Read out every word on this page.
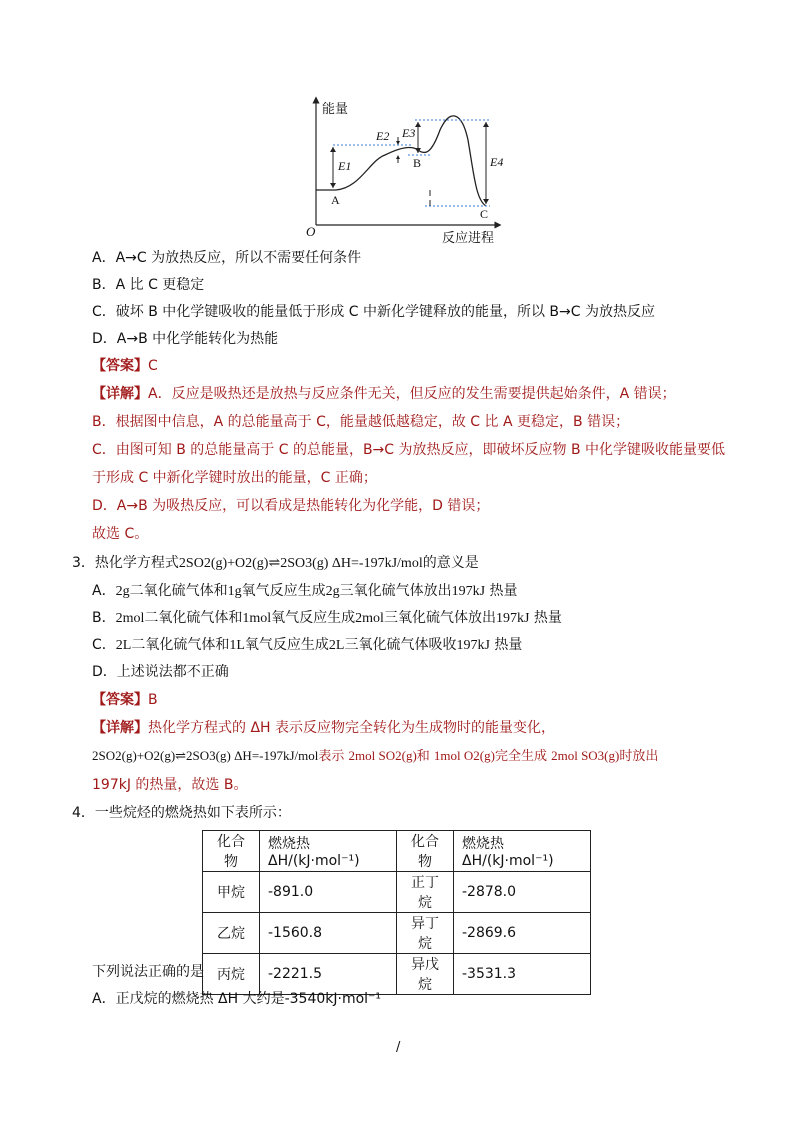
能量
反应进程
O
A
B
C
E1
E2 E3
E4
A．A→C 为放热反应，所以不需要任何条件
B．A 比 C 更稳定
C．破坏 B 中化学键吸收的能量低于形成 C 中新化学键释放的能量，所以 B→C 为放热反应
D．A→B 中化学能转化为热能
【答案】C
【详解】A．反应是吸热还是放热与反应条件无关，但反应的发生需要提供起始条件，A 错误；
B．根据图中信息，A 的总能量高于 C，能量越低越稳定，故 C 比 A 更稳定，B 错误；
C．由图可知 B 的总能量高于 C 的总能量，B→C 为放热反应，即破坏反应物 B 中化学键吸收能量要低
于形成 C 中新化学键时放出的能量，C 正确；
D．A→B 为吸热反应，可以看成是热能转化为化学能，D 错误；
故选 C。
3．热化学方程式2SO2(g)+O2(g)⇌2SO3(g) ΔH=-197kJ/mol的意义是
A．2g二氧化硫气体和1g氧气反应生成2g三氧化硫气体放出197kJ 热量
B．2mol二氧化硫气体和1mol氧气反应生成2mol三氧化硫气体放出197kJ 热量
C．2L二氧化硫气体和1L氧气反应生成2L三氧化硫气体吸收197kJ 热量
D．上述说法都不正确
【答案】B
【详解】热化学方程式的 ΔH 表示反应物完全转化为生成物时的能量变化，
2SO2(g)+O2(g)⇌2SO3(g) ΔH=-197kJ/mol表示 2mol SO2(g)和 1mol O2(g)完全生成 2mol SO3(g)时放出
197kJ 的热量，故选 B。
4．一些烷烃的燃烧热如下表所示：
化合物	燃烧热 ΔH/(kJ·mol⁻¹)	化合物	燃烧热 ΔH/(kJ·mol⁻¹)
甲烷	-891.0	正丁烷	-2878.0
乙烷	-1560.8	异丁烷	-2869.6
丙烷	-2221.5	异戊烷	-3531.3
下列说法正确的是
A．正戊烷的燃烧热 ΔH 大约是-3540kJ·mol⁻¹
/
